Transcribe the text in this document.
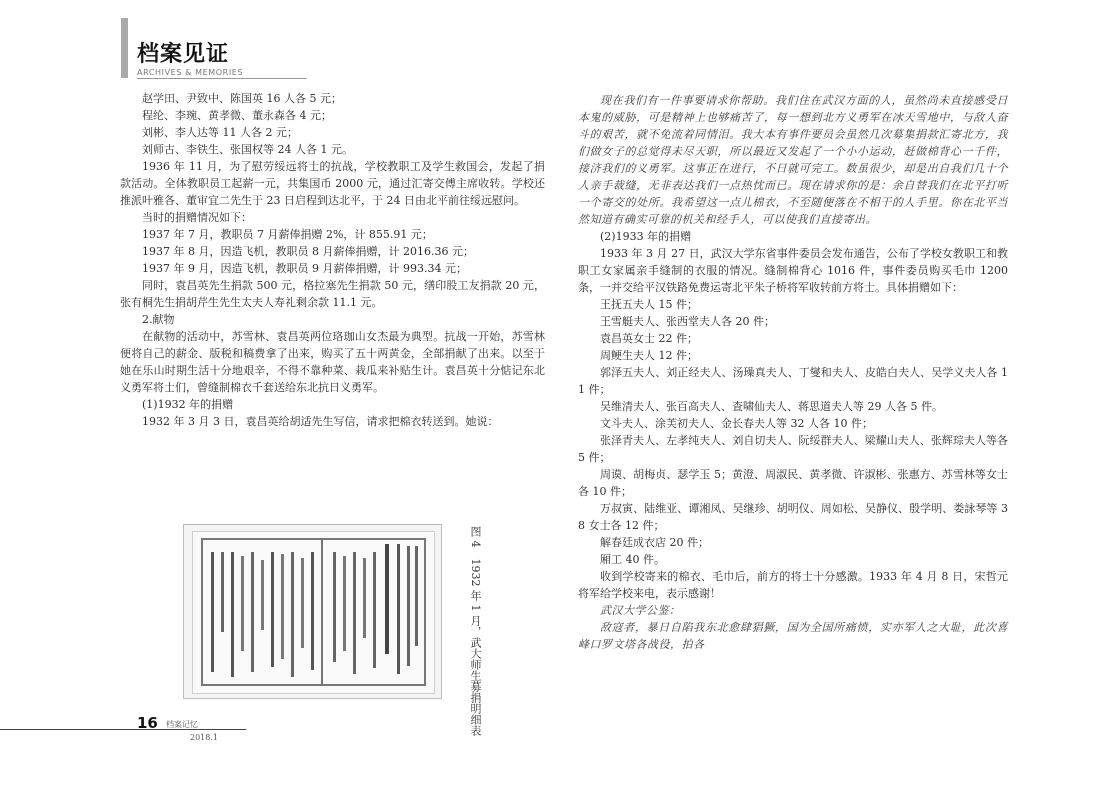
档案见证
ARCHIVES & MEMORIES

赵学田、尹致中、陈国英 16 人各 5 元；

程纶、李琬、黄孝微、董永森各 4 元；

刘彬、李人达等 11 人各 2 元；

刘师古、李铁生、张国权等 24 人各 1 元。

1936 年 11 月，为了慰劳绥远将士的抗战，学校教职工及学生救国会，发起了捐款活动。全体教职员工起薪一元，共集国币 2000 元，通过汇寄交傅主席收转。学校还推派叶雅各、董审宜二先生于 23 日启程到达北平，于 24 日由北平前往绥远慰问。

当时的捐赠情况如下：

1937 年 7 月，教职员 7 月薪俸捐赠 2%，计 855.91 元；

1937 年 8 月，因造飞机，教职员 8 月薪俸捐赠，计 2016.36 元；

1937 年 9 月，因造飞机，教职员 9 月薪俸捐赠，计 993.34 元；

同时，袁昌英先生捐款 500 元，格拉塞先生捐款 50 元，缮印股工友捐款 20 元，张有桐先生捐胡芹生先生太夫人寿礼剩余款 11.1 元。

2.献物

在献物的活动中，苏雪林、袁昌英两位珞珈山女杰最为典型。抗战一开始，苏雪林便将自己的薪金、版税和稿费拿了出来，购买了五十两黄金，全部捐献了出来。以至于她在乐山时期生活十分地艰辛，不得不靠种菜、栽瓜来补贴生计。袁昌英十分惦记东北义勇军将士们，曾缝制棉衣千套送给东北抗日义勇军。

(1)1932 年的捐赠

1932 年 3 月 3 日，袁昌英给胡适先生写信，请求把棉衣转送到。她说：

现在我们有一件事要请求你帮助。我们住在武汉方面的人，虽然尚未直接感受日本鬼的威胁，可是精神上也够痛苦了，每一想到北方义勇军在冰天雪地中，与敌人奋斗的艰苦，就不免流着同情泪。我大本有事件要员会虽然几次募集捐款汇寄北方，我们做女子的总觉得未尽天职，所以最近又发起了一个小小运动，赶做棉背心一千件，接济我们的义勇军。这事正在进行，不日就可完工。数虽很少，却是出自我们几十个人亲手裁缝，无非表达我们一点热忱而已。现在请求你的是：余自替我们在北平打听一个寄交的处所。我希望这一点儿棉衣，不至随便落在不相干的人手里。你在北平当然知道有确实可靠的机关和经手人，可以使我们直接寄出。

(2)1933 年的捐赠

1933 年 3 月 27 日，武汉大学东省事件委员会发布通告，公布了学校女教职工和教职工女家属亲手缝制的衣服的情况。缝制棉背心 1016 件，事件委员购买毛巾 1200 条，一并交给平汉铁路免费运寄北平朱子桥将军收转前方将士。具体捐赠如下：

王抚五夫人 15 件；

王雪艇夫人、张西堂夫人各 20 件；

袁昌英女士 22 件；

周鲠生夫人 12 件；

郭泽五夫人、刘正经夫人、汤璪真夫人、丁燮和夫人、皮皓白夫人、吴学义夫人各 11 件；

吴维清夫人、张百高夫人、查啸仙夫人、蒋思道夫人等 29 人各 5 件。

文斗夫人、涂芙初夫人、金长春夫人等 32 人各 10 件；

张泽青夫人、左孝纯夫人、刘自切夫人、阮绥群夫人、梁耀山夫人、张辉琮夫人等各 5 件；

周谟、胡梅贞、瑟学玉 5；黄澄、周淑民、黄孝微、许淑彬、张惠方、苏雪林等女士各 10 件；

万叔寅、陆维亚、谭湘凤、吴继珍、胡明仪、周如松、吴静仪、殷学明、娄詠琴等 38 女士各 12 件；

解春廷成衣店 20 件；

厢工 40 件。

收到学校寄来的棉衣、毛巾后，前方的将士十分感激。1933 年 4 月 8 日，宋哲元将军给学校来电，表示感谢！

武汉大学公鉴：

敌寇者，暴日自陷我东北愈肆猖獗，国为全国所痛愤，实亦军人之大耻，此次喜峰口罗文塔各战役，拍各

图 4　1932 年 1 月，武大师生募捐明细表
16 档案记忆
2018.1
